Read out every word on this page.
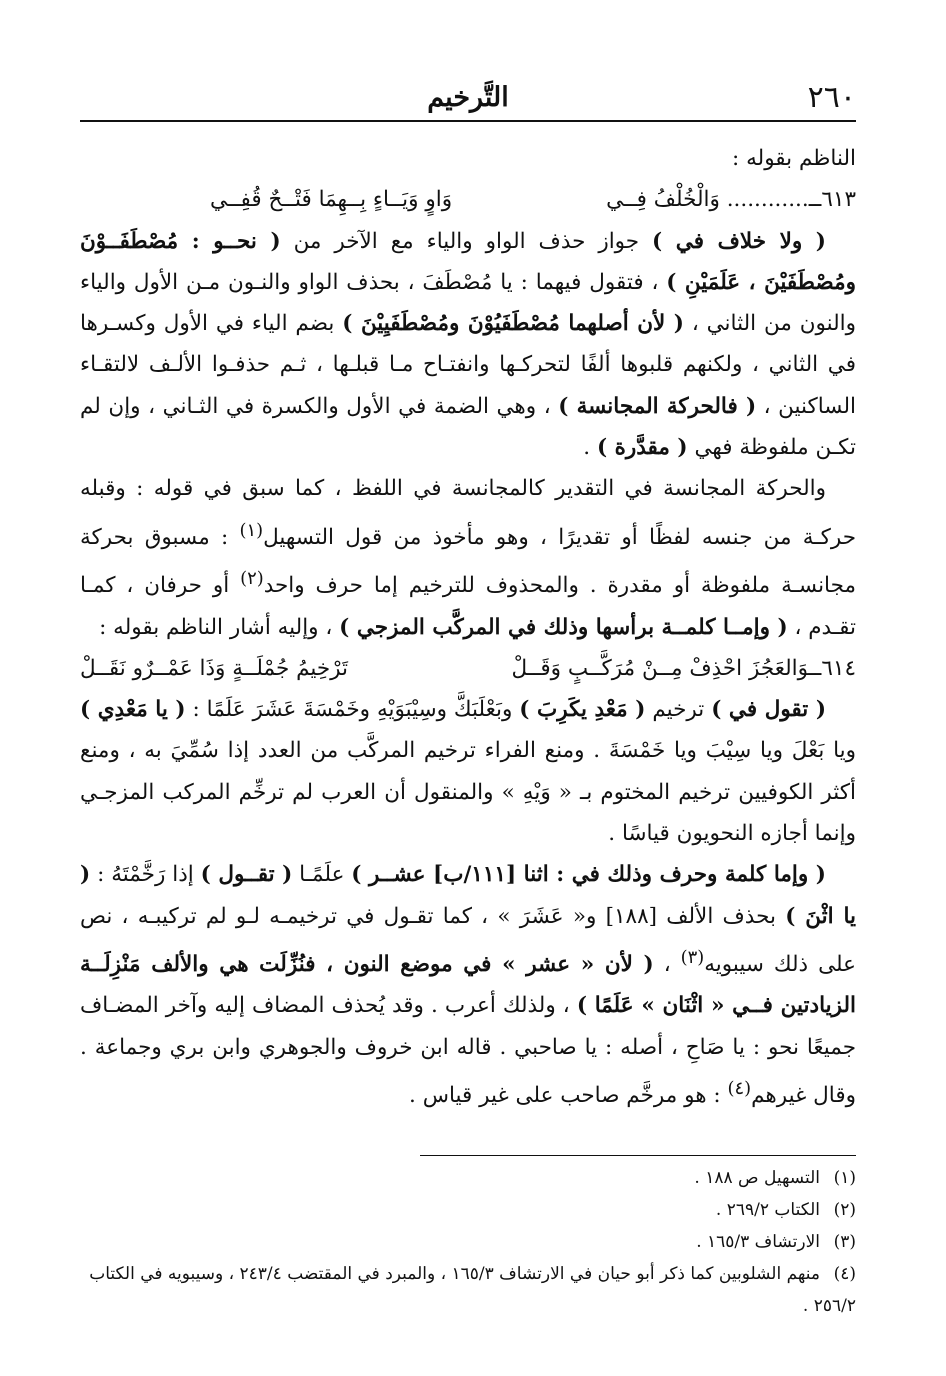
٢٦٠
التَّرخيم

الناظم بقوله :

٦١٣ــ............ وَالْخُلْفُ فِــي
وَاوٍ وَيَــاءٍ بِــهِمَا فَتْــحٌ قُفِــي

( ولا خلاف في ) جواز حذف الواو والياء مع الآخر من ( نحــو : مُصْطَفَــوْنَ ومُصْطَفَيْنَ ، عَلَمَيْنِ ) ، فتقول فيهما : يا مُصْطَفَ ، بحذف الواو والنـون مـن الأول والياء والنون من الثاني ، ( لأن أصلهما مُصْطَفَيُوْنَ ومُصْطَفَيِيْنَ ) بضم الياء في الأول وكسـرها في الثاني ، ولكنهم قلبوها ألفًا لتحركـها وانفتـاح مـا قبلـها ، ثـم حذفـوا الألـف لالتقـاء الساكنين ، ( فالحركة المجانسة ) ، وهي الضمة في الأول والكسرة في الثـاني ، وإن لم تكـن ملفوظة فهي ( مقدَّرة ) .

والحركة المجانسة في التقدير كالمجانسة في اللفظ ، كما سبق في قوله : وقبله حركـة من جنسه لفظًا أو تقديرًا ، وهو مأخوذ من قول التسهيل$^{(١)}$ : مسبوق بحركة مجانسـة ملفوظة أو مقدرة . والمحذوف للترخيم إما حرف واحد$^{(٢)}$ أو حرفان ، كمـا تقـدم ، ( وإمــا كلمــة برأسها وذلك في المركَّب المزجي ) ، وإليه أشار الناظم بقوله :

٦١٤ــوَالعَجُزَ احْذِفْ مِــنْ مُرَكَّــبٍ وَقَــلْ
تَرْخِيمُ جُمْلَــةٍ وَذَا عَمْــرٌو نَقَــلْ

( تقول في ) ترخيم ( مَعْدِ يكَرِبَ ) وبَعْلَبَكَّ وسِيْبَوَيْهِ وخَمْسَةَ عَشَرَ عَلَمًا : ( يا مَعْدِي ) ويا بَعْلَ ويا سِيْبَ ويا خَمْسَةَ . ومنع الفراء ترخيم المركَّب من العدد إذا سُمِّيَ به ، ومنع أكثر الكوفيين ترخيم المختوم بـ « وَيْهِ » والمنقول أن العرب لم ترخِّم المركب المزجـي وإنما أجازه النحويون قياسًا .

( وإما كلمة وحرف وذلك في : اثنا [١١١/ب] عشــر ) علَمًـا ( تقــول ) إذا رَخَّمْتَهُ : ( يا اثْنَ ) بحذف الألف [١٨٨] و« عَشَرَ » ، كما تقـول في ترخيمـه لـو لم تركيبـه ، نص على ذلك سيبويه$^{(٣)}$ ، ( لأن « عشر » في موضع النون ، فنُزِّلَت هي والألف مَنْزِلَــة الزيادتين فــي « اثْنَان » عَلَمًا ) ، ولذلك أعرب . وقد يُحذف المضاف إليه وآخر المضـاف جميعًا نحو : يا صَاحِ ، أصله : يا صاحبي . قاله ابن خروف والجوهري وابن بري وجماعة . وقال غيرهم$^{(٤)}$ : هو مرخَّم صاحب على غير قياس .

(١)التسهيل ص ١٨٨ .

(٢)الكتاب ٢٦٩/٢ .

(٣)الارتشاف ١٦٥/٣ .

(٤)منهم الشلوبين كما ذكر أبو حيان في الارتشاف ١٦٥/٣ ، والمبرد في المقتضب ٢٤٣/٤ ، وسيبويه في الكتاب ٢٥٦/٢ .
